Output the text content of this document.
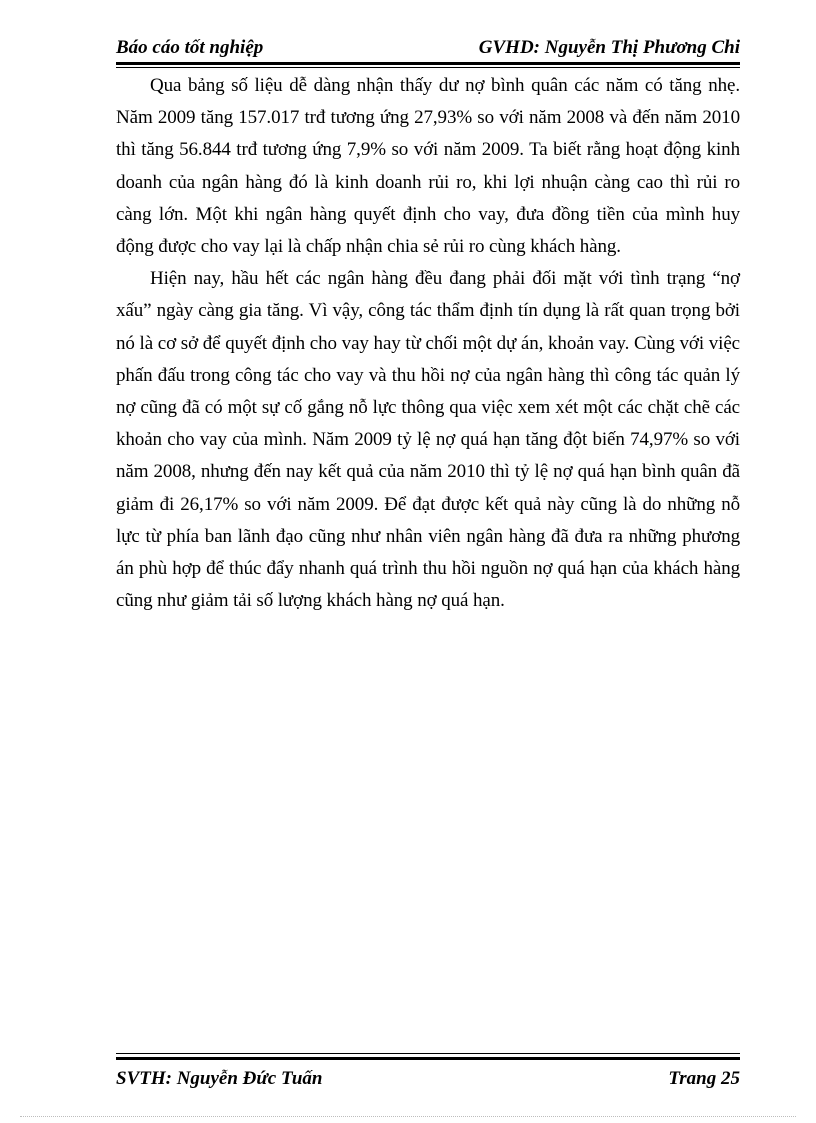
Báo cáo tốt nghiệp	GVHD: Nguyễn Thị Phương Chi

Qua bảng số liệu dễ dàng nhận thấy dư nợ bình quân các năm có tăng nhẹ. Năm 2009 tăng 157.017 trđ tương ứng 27,93% so với năm 2008 và đến năm 2010 thì tăng 56.844 trđ tương ứng 7,9% so với năm 2009. Ta biết rằng hoạt động kinh doanh của ngân hàng đó là kinh doanh rủi ro, khi lợi nhuận càng cao thì rủi ro càng lớn. Một khi ngân hàng quyết định cho vay, đưa đồng tiền của mình huy động được cho vay lại là chấp nhận chia sẻ rủi ro cùng khách hàng.

Hiện nay, hầu hết các ngân hàng đều đang phải đối mặt với tình trạng “nợ xấu” ngày càng gia tăng. Vì vậy, công tác thẩm định tín dụng là rất quan trọng bởi nó là cơ sở để quyết định cho vay hay từ chối một dự án, khoản vay. Cùng với việc phấn đấu trong công tác cho vay và thu hồi nợ của ngân hàng thì công tác quản lý nợ cũng đã có một sự cố gắng nỗ lực thông qua việc xem xét một các chặt chẽ các khoản cho vay của mình. Năm 2009 tỷ lệ nợ quá hạn tăng đột biến 74,97% so với năm 2008, nhưng đến nay kết quả của năm 2010 thì tỷ lệ nợ quá hạn bình quân đã giảm đi 26,17% so với năm 2009. Để đạt được kết quả này cũng là do những nỗ lực từ phía ban lãnh đạo cũng như nhân viên ngân hàng đã đưa ra những phương án phù hợp để thúc đẩy nhanh quá trình thu hồi nguồn nợ quá hạn của khách hàng cũng như giảm tải số lượng khách hàng nợ quá hạn.

SVTH: Nguyễn Đức Tuấn	Trang 25
